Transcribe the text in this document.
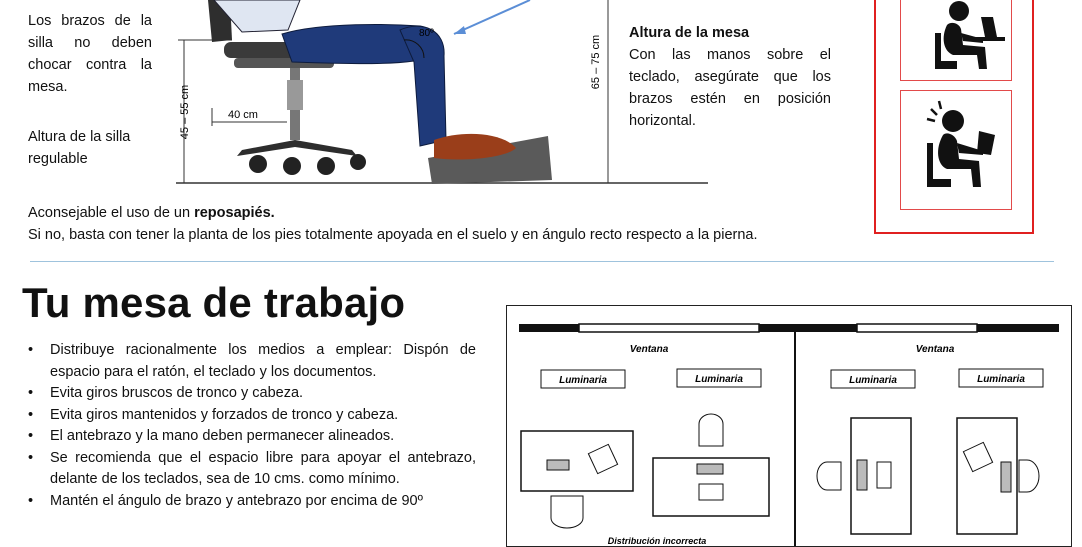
Los brazos de la silla no deben chocar contra la mesa.
Altura de la silla regulable
45 – 55 cm	40 cm
65 – 75 cm
80º	Altura de la mesa
Con las manos sobre el teclado, asegúrate que los brazos estén en posición horizontal.
Aconsejable el uso de un reposapiés.
Si no, basta con tener la planta de los pies totalmente apoyada en el suelo y en ángulo recto respecto a la pierna.
Tu mesa de trabajo
• Distribuye racionalmente los medios a emplear: Dispón de espacio para el ratón, el teclado y los documentos.
• Evita giros bruscos de tronco y cabeza.
• Evita giros mantenidos y forzados de tronco y cabeza.
• El antebrazo y la mano deben permanecer alineados.
• Se recomienda que el espacio libre para apoyar el antebrazo, delante de los teclados, sea de 10 cms. como mínimo.
• Mantén el ángulo de brazo y antebrazo por encima de 90º
Ventana
Luminaria	Luminaria
Distribución incorrecta
Ventana
Luminaria	Luminaria
